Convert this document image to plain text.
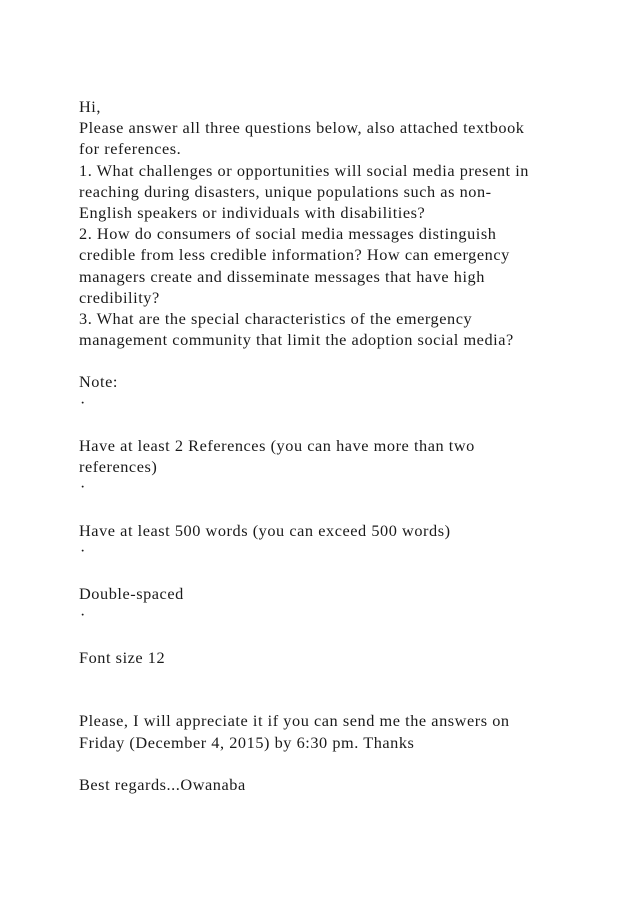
Hi,
Please answer all three questions below, also attached textbook
for references.
1. What challenges or opportunities will social media present in
reaching during disasters, unique populations such as non-
English speakers or individuals with disabilities?
2. How do consumers of social media messages distinguish
credible from less credible information? How can emergency
managers create and disseminate messages that have high
credibility?
3. What are the special characteristics of the emergency
management community that limit the adoption social media?
Note:
·
Have at least 2 References (you can have more than two
references)
·
Have at least 500 words (you can exceed 500 words)
·
Double-spaced
·
Font size 12
Please, I will appreciate it if you can send me the answers on
Friday (December 4, 2015) by 6:30 pm. Thanks
Best regards...Owanaba
